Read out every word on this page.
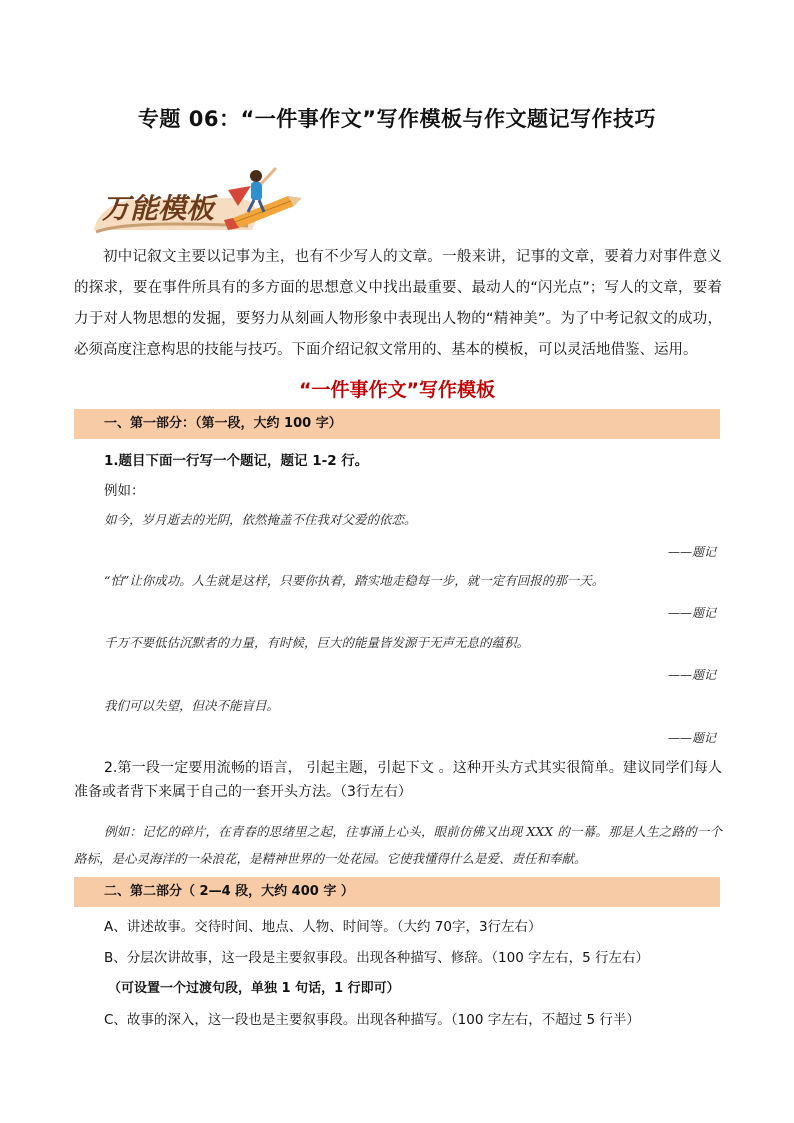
专题 06：“一件事作文”写作模板与作文题记写作技巧
万能模板
初中记叙文主要以记事为主，也有不少写人的文章。一般来讲，记事的文章，要着力对事件意义的探求，要在事件所具有的多方面的思想意义中找出最重要、最动人的“闪光点”；写人的文章，要着力于对人物思想的发掘，要努力从刻画人物形象中表现出人物的“精神美”。为了中考记叙文的成功，必须高度注意构思的技能与技巧。下面介绍记叙文常用的、基本的模板，可以灵活地借鉴、运用。
“一件事作文”写作模板
一、第一部分：（第一段，大约 100 字）
1.题目下面一行写一个题记，题记 1-2 行。
例如：
如今，岁月逝去的光阴，依然掩盖不住我对父爱的依恋。
——题记
“怕”让你成功。人生就是这样，只要你执着，踏实地走稳每一步，就一定有回报的那一天。
——题记
千万不要低估沉默者的力量，有时候，巨大的能量皆发源于无声无息的蕴积。
——题记
我们可以失望，但决不能盲目。
——题记
2.第一段一定要用流畅的语言， 引起主题，引起下文 。这种开头方式其实很简单。建议同学们每人准备或者背下来属于自己的一套开头方法。（3行左右）
例如：记忆的碎片，在青春的思绪里之起，往事涌上心头，眼前仿佛又出现 XXX 的一幕。那是人生之路的一个路标，是心灵海洋的一朵浪花，是精神世界的一处花园。它使我懂得什么是爱、责任和奉献。
二、第二部分（ 2—4 段，大约 400 字 ）
A、讲述故事。交待时间、地点、人物、时间等。（大约 70字，3行左右）
B、分层次讲故事，这一段是主要叙事段。出现各种描写、修辞。（100 字左右，5 行左右）
（可设置一个过渡句段，单独 1 句话，1 行即可）
C、故事的深入，这一段也是主要叙事段。出现各种描写。（100 字左右，不超过 5 行半）
